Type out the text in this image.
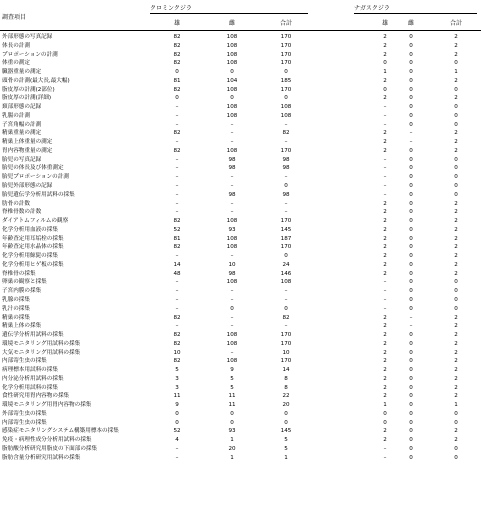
調査項目
クロミンクジラ	ナガスクジラ
雄	雌	合計	雄	雌	合計
外部形態の写真記録	82	108	170	2	0	2
体長の計測	82	108	170	2	0	2
プロポーションの計測	82	108	170	2	0	2
体重の測定	82	108	170	0	0	0
臓器重量の測定	0	0	0	1	0	1
頭骨の計測(最大長,最大幅)	81	104	185	2	0	2
脂皮厚の計測(2部位)	82	108	170	0	0	0
脂皮厚の計測(詳細)	0	0	0	2	0	2
頚部形態の記録	–	108	108	–	0	0
乳腸の計測	–	108	108	–	0	0
子宮角幅の計測	–	–	–	–	0	0
精巣重量の測定	82	–	82	2	–	2
精巣上体重量の測定	–	–	–	2	–	2
胃内容物重量の測定	82	108	170	2	0	2
胎児の写真記録	–	98	98	–	0	0
胎児の体長及び体重測定	–	98	98	–	0	0
胎児プロポーションの計測	–	–	–	–	0	0
胎児外部形態の記録	–	–	0	–	0	0
胎児遺伝学分析用試料の採集	–	98	98	–	0	0
肋骨の計数	–	–	–	2	0	2
脊椎骨数の計数	–	–	–	2	0	2
ダイアトムフィルムの観察	82	108	170	2	0	2
化学分析用血液の採集	52	93	145	2	0	2
年齢査定用耳垢栓の採集	81	108	187	2	0	2
年齢査定用水晶体の採集	82	108	170	2	0	2
化学分析用鯨髭の採集	–	–	0	2	0	2
化学分析用ヒゲ板の採集	14	10	24	2	0	2
脊椎骨の採集	48	98	146	2	0	2
卵巣の観察と採集	–	108	108	–	0	0
子宮内膜の採集	–	–	–	–	0	0
乳腺の採集	–	–	–	–	0	0
乳汁の採集	–	0	0	–	0	0
精巣の採集	82	–	82	2	–	2
精巣上体の採集	–	–	–	2	–	2
遺伝学分析用試料の採集	82	108	170	2	0	2
環境モニタリング用試料の採集	82	108	170	2	0	2
大気モニタリング用試料の採集	10	–	10	2	0	2
内部寄生虫の採集	82	108	170	2	0	2
病理標本用試料の採集	5	9	14	2	0	2
内分泌分析用試料の採集	3	5	8	2	0	2
化学分析用試料の採集	3	5	8	2	0	2
食性研究用胃内容物の採集	11	11	22	2	0	2
環境モニタリング用胃内容物の採集	9	11	20	1	0	1
外部寄生虫の採集	0	0	0	0	0	0
内部寄生虫の採集	0	0	0	0	0	0
感染症モニタリングシステム構築用標本の採集	52	93	145	2	0	2
免疫・病理性成分分析用試料の採集	4	1	5	2	0	2
脂肪酸分析研究用脂皮の下面部の採集	–	20	5	–	0	0
脂肪含量分析研究用試料の採集	–	1	1	–	0	0
